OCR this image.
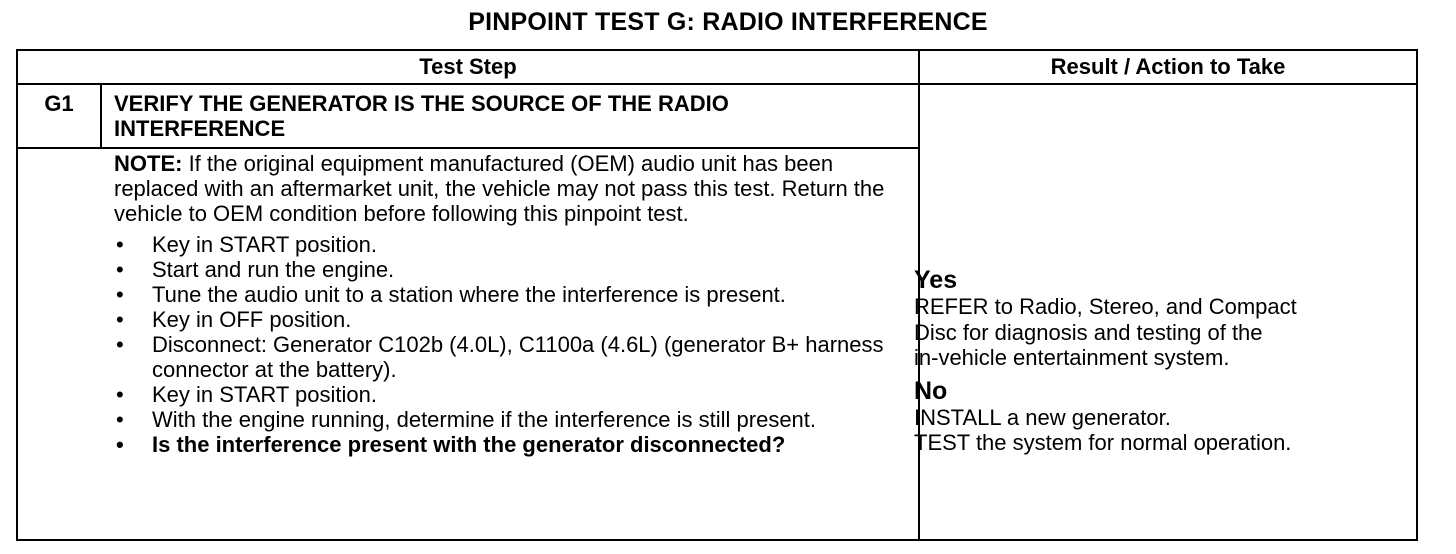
PINPOINT TEST G: RADIO INTERFERENCE
Test Step	Result / Action to Take
G1	VERIFY THE GENERATOR IS THE SOURCE OF THE RADIO INTERFERENCE

NOTE: If the original equipment manufactured (OEM) audio unit has been replaced with an aftermarket unit, the vehicle may not pass this test. Return the vehicle to OEM condition before following this pinpoint test.

• Key in START position.
• Start and run the engine.
• Tune the audio unit to a station where the interference is present.
• Key in OFF position.
• Disconnect: Generator C102b (4.0L), C1100a (4.6L) (generator B+ harness connector at the battery).
• Key in START position.
• With the engine running, determine if the interference is still present.
• Is the interference present with the generator disconnected?
Yes
REFER to Radio, Stereo, and Compact
Disc for diagnosis and testing of the
in-vehicle entertainment system.
No
INSTALL a new generator.
TEST the system for normal operation.
